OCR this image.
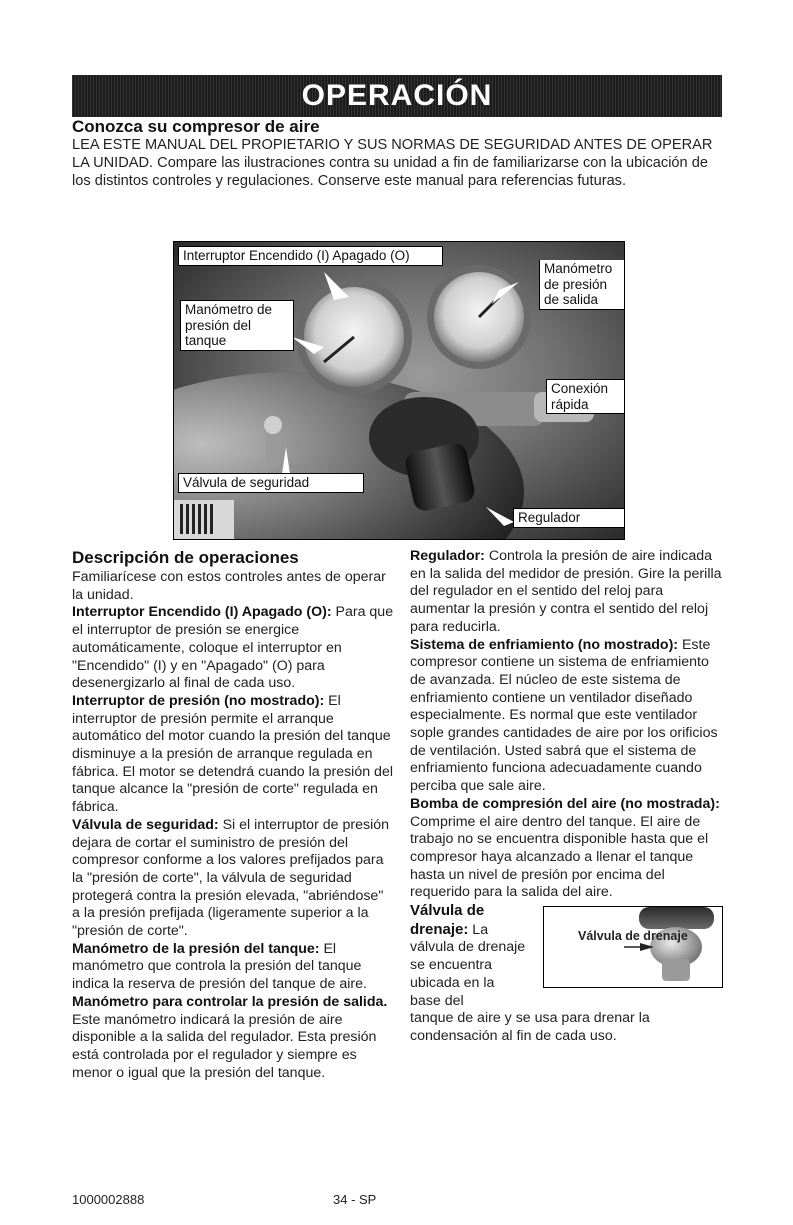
OPERACIÓN
Conozca su compresor de aire

LEA ESTE MANUAL DEL PROPIETARIO Y SUS NORMAS DE SEGURIDAD ANTES DE OPERAR LA UNIDAD. Compare las ilustraciones contra su unidad a fin de familiarizarse con la ubicación de los distintos controles y regulaciones. Conserve este manual para referencias futuras.

Interruptor Encendido (I) Apagado (O)
Manómetro de presión de salida
Manómetro de presión del tanque
Conexión rápida
Válvula de seguridad
Regulador
Descripción de operaciones

Familiarícese con estos controles antes de operar la unidad.

Interruptor Encendido (I) Apagado (O): Para que el interruptor de presión se energice automáticamente, coloque el interruptor en "Encendido" (I) y en "Apagado" (O) para desenergizarlo al final de cada uso.

Interruptor de presión (no mostrado): El interruptor de presión permite el arranque automático del motor cuando la presión del tanque disminuye a la presión de arranque regulada en fábrica. El motor se detendrá cuando la presión del tanque alcance la "presión de corte" regulada en fábrica.

Válvula de seguridad: Si el interruptor de presión dejara de cortar el suministro de presión del compresor conforme a los valores prefijados para la "presión de corte", la válvula de seguridad protegerá contra la presión elevada, "abriéndose" a la presión prefijada (ligeramente superior a la "presión de corte".

Manómetro de la presión del tanque: El manómetro que controla la presión del tanque indica la reserva de presión del tanque de aire.

Manómetro para controlar la presión de salida. Este manómetro indicará la presión de aire disponible a la salida del regulador. Esta presión está controlada por el regulador y siempre es menor o igual que la presión del tanque.

Regulador: Controla la presión de aire indicada en la salida del medidor de presión. Gire la perilla del regulador en el sentido del reloj para aumentar la presión y contra el sentido del reloj para reducirla.

Sistema de enfriamiento (no mostrado): Este compresor contiene un sistema de enfriamiento de avanzada. El núcleo de este sistema de enfriamiento contiene un ventilador diseñado especialmente. Es normal que este ventilador sople grandes cantidades de aire por los orificios de ventilación. Usted sabrá que el sistema de enfriamiento funciona adecuadamente cuando perciba que sale aire.

Bomba de compresión del aire (no mostrada): Comprime el aire dentro del tanque. El aire de trabajo no se encuentra disponible hasta que el compresor haya alcanzado a llenar el tanque hasta un nivel de presión por encima del requerido para la salida del aire.

Válvula de drenaje: La válvula de drenaje se encuentra ubicada en la base del

Válvula de drenaje

tanque de aire y se usa para drenar la condensación al fin de cada uso.

1000002888	34 - SP
